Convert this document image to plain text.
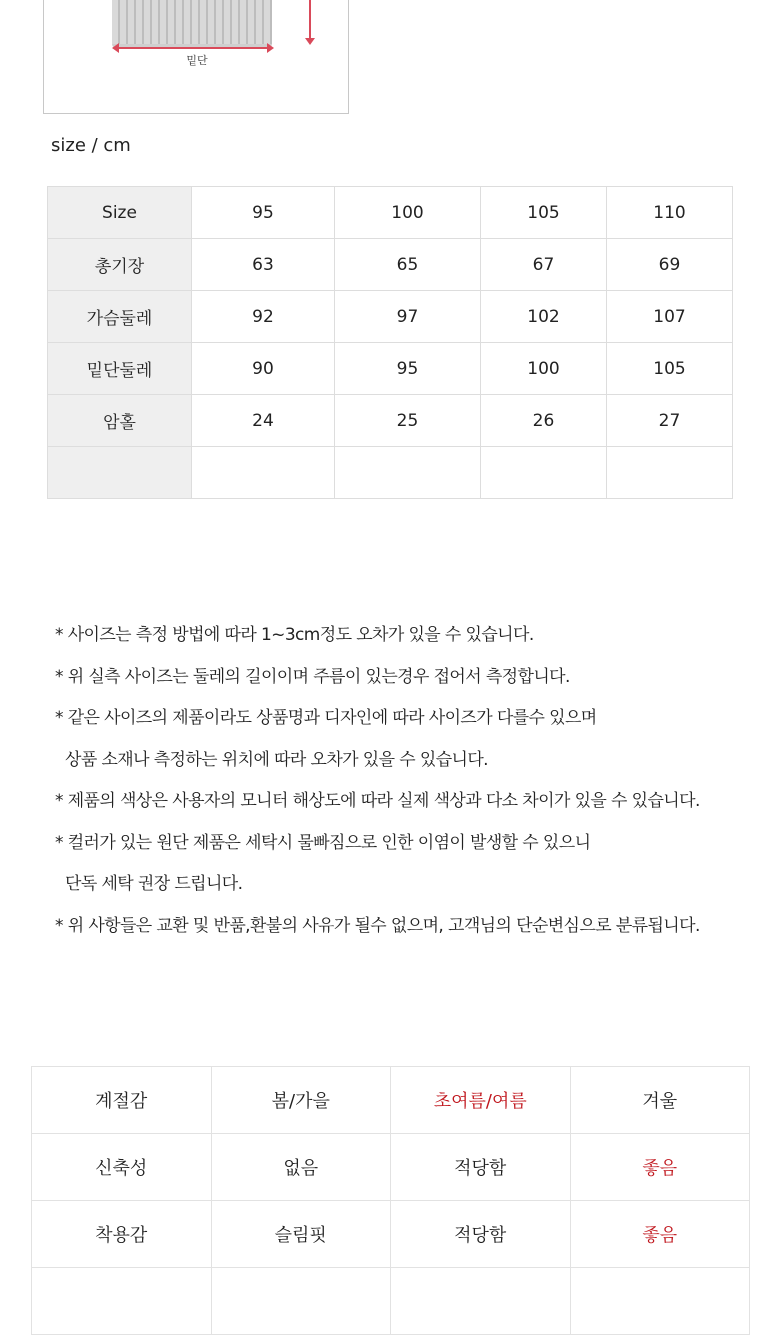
밑단
size / cm
Size	95	100	105	110
총기장	63	65	67	69
가슴둘레	92	97	102	107
밑단둘레	90	95	100	105
암홀	24	25	26	27

* 사이즈는 측정 방법에 따라 1~3cm정도 오차가 있을 수 있습니다.
* 위 실측 사이즈는 둘레의 길이이며 주름이 있는경우 접어서 측정합니다.
* 같은 사이즈의 제품이라도 상품명과 디자인에 따라 사이즈가 다를수 있으며
상품 소재나 측정하는 위치에 따라 오차가 있을 수 있습니다.
* 제품의 색상은 사용자의 모니터 해상도에 따라 실제 색상과 다소 차이가 있을 수 있습니다.
* 컬러가 있는 원단 제품은 세탁시 물빠짐으로 인한 이염이 발생할 수 있으니
단독 세탁 권장 드립니다.
* 위 사항들은 교환 및 반품,환불의 사유가 될수 없으며, 고객님의 단순변심으로 분류됩니다.
계절감	봄/가을	초여름/여름	겨울
신축성	없음	적당함	좋음
착용감	슬림핏	적당함	좋음
